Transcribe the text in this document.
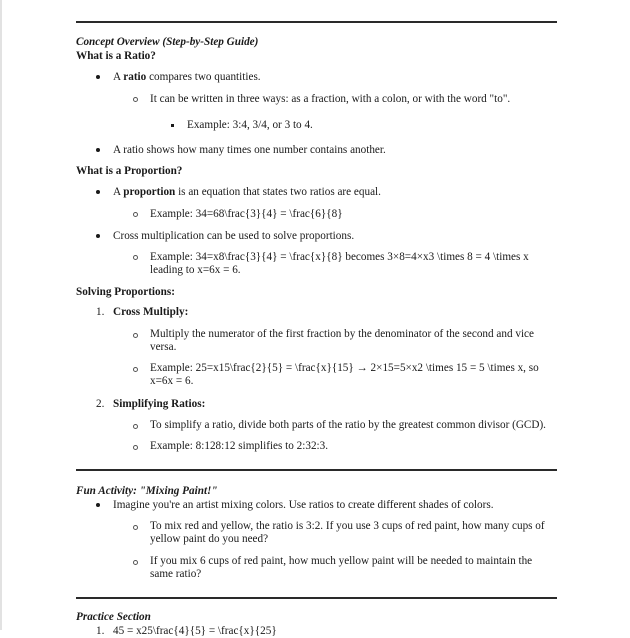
Concept Overview (Step-by-Step Guide)
What is a Ratio?
A ratio compares two quantities.
It can be written in three ways: as a fraction, with a colon, or with the word "to".
Example: 3:4, 3/4, or 3 to 4.
A ratio shows how many times one number contains another.
What is a Proportion?
A proportion is an equation that states two ratios are equal.
Example: 34=68\frac{3}{4} = \frac{6}{8}
Cross multiplication can be used to solve proportions.
Example: 34=x8\frac{3}{4} = \frac{x}{8} becomes 3×8=4×x3 \times 8 = 4 \times x
leading to x=6x = 6.
Solving Proportions:
1. Cross Multiply:
Multiply the numerator of the first fraction by the denominator of the second and vice
versa.
Example: 25=x15\frac{2}{5} = \frac{x}{15} → 2×15=5×x2 \times 15 = 5 \times x, so
x=6x = 6.
2. Simplifying Ratios:
To simplify a ratio, divide both parts of the ratio by the greatest common divisor (GCD).
Example: 8:128:12 simplifies to 2:32:3.
Fun Activity: "Mixing Paint!"
Imagine you're an artist mixing colors. Use ratios to create different shades of colors.
To mix red and yellow, the ratio is 3:2. If you use 3 cups of red paint, how many cups of
yellow paint do you need?
If you mix 6 cups of red paint, how much yellow paint will be needed to maintain the
same ratio?
Practice Section
1. 45 = x25\frac{4}{5} = \frac{x}{25}
